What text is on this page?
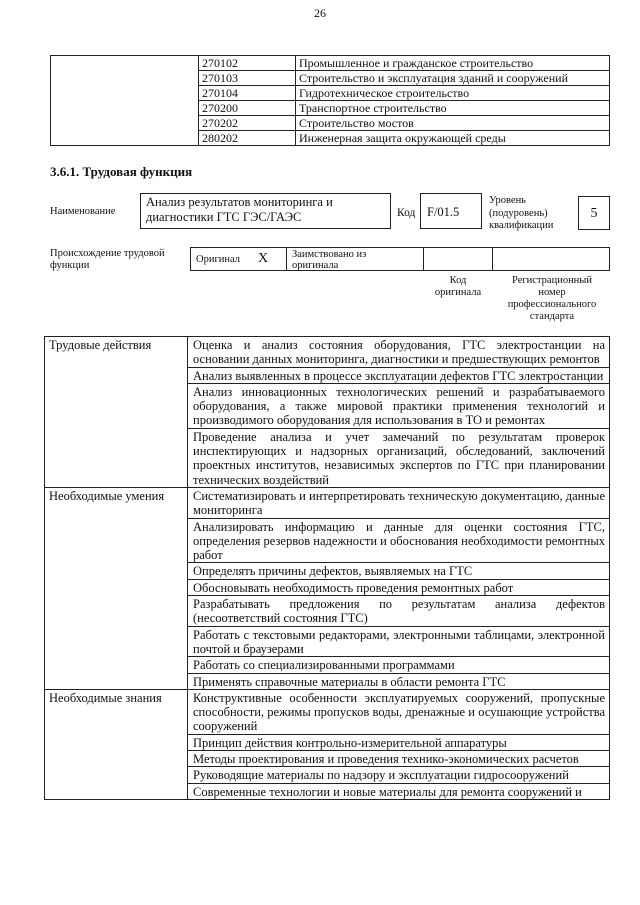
26
	270102	Промышленное и гражданское строительство
	270103	Строительство и эксплуатация зданий и сооружений
	270104	Гидротехническое строительство
	270200	Транспортное строительство
	270202	Строительство мостов
	280202	Инженерная защита окружающей среды
3.6.1. Трудовая функция
Наименование
Анализ результатов мониторинга и диагностики ГТС ГЭС/ГАЭС	Код F/01.5
Уровень (подуровень) квалификации
5
Происхождение трудовой функции
Оригинал X Заимствовано из оригинала
Код оригинала
Регистрационный номер профессионального стандарта
Трудовые действия	Оценка и анализ состояния оборудования, ГТС электростанции на основании данных мониторинга, диагностики и предшествующих ремонтов
	Анализ выявленных в процессе эксплуатации дефектов ГТС электростанции
	Анализ инновационных технологических решений и разрабатываемого оборудования, а также мировой практики применения технологий и производимого оборудования для использования в ТО и ремонтах
	Проведение анализа и учет замечаний по результатам проверок инспектирующих и надзорных организаций, обследований, заключений проектных институтов, независимых экспертов по ГТС при планировании технических воздействий
Необходимые умения	Систематизировать и интерпретировать техническую документацию, данные мониторинга
	Анализировать информацию и данные для оценки состояния ГТС, определения резервов надежности и обоснования необходимости ремонтных работ
	Определять причины дефектов, выявляемых на ГТС
	Обосновывать необходимость проведения ремонтных работ
	Разрабатывать предложения по результатам анализа дефектов (несоответствий состояния ГТС)
	Работать с текстовыми редакторами, электронными таблицами, электронной почтой и браузерами
	Работать со специализированными программами
	Применять справочные материалы в области ремонта ГТС
Необходимые знания	Конструктивные особенности эксплуатируемых сооружений, пропускные способности, режимы пропусков воды, дренажные и осушающие устройства сооружений
	Принцип действия контрольно-измерительной аппаратуры
	Методы проектирования и проведения технико-экономических расчетов
	Руководящие материалы по надзору и эксплуатации гидросооружений
	Современные технологии и новые материалы для ремонта сооружений и
